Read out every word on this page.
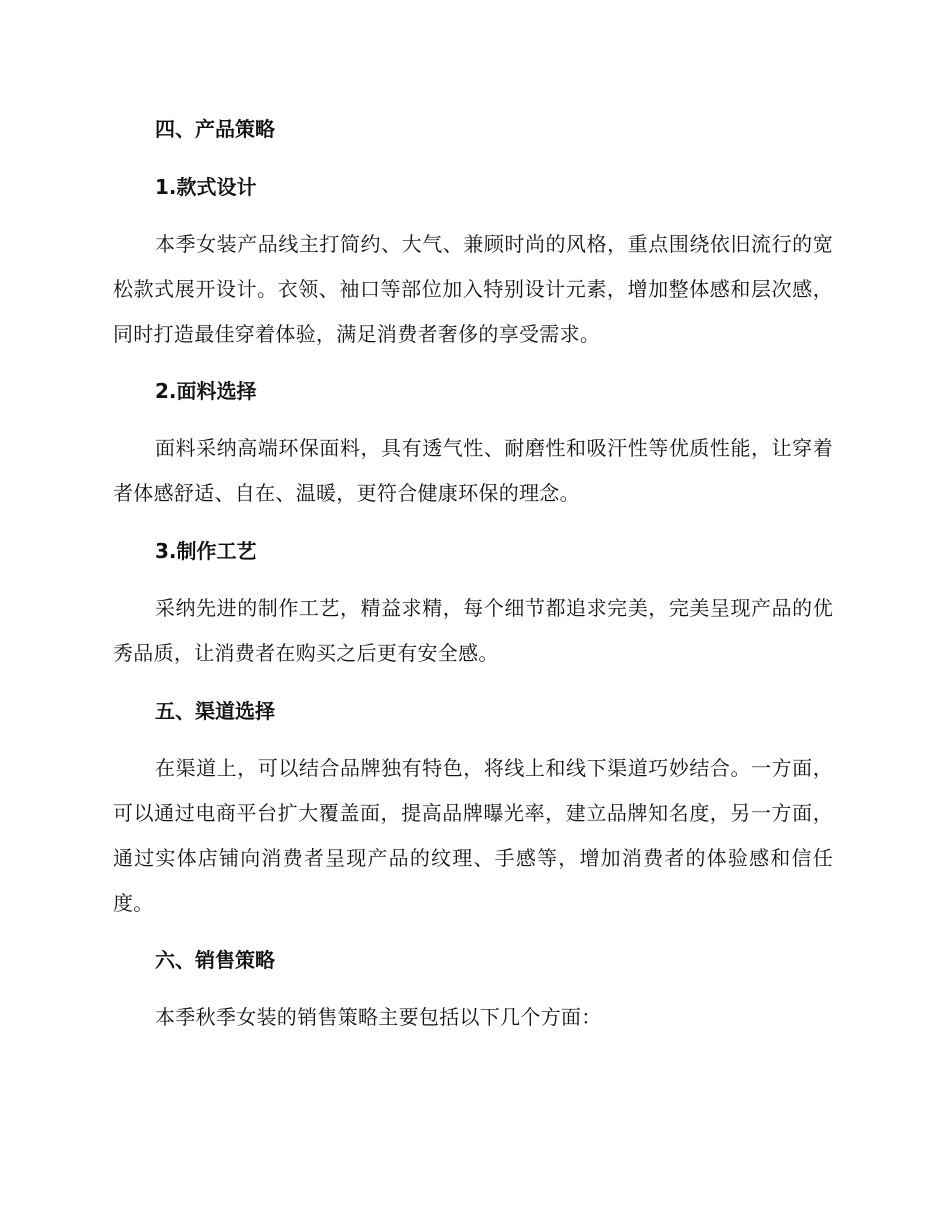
四、产品策略
1.款式设计
本季女装产品线主打简约、大气、兼顾时尚的风格，重点围绕依旧流行的宽松款式展开设计。衣领、袖口等部位加入特别设计元素，增加整体感和层次感，同时打造最佳穿着体验，满足消费者奢侈的享受需求。
2.面料选择
面料采纳高端环保面料，具有透气性、耐磨性和吸汗性等优质性能，让穿着者体感舒适、自在、温暖，更符合健康环保的理念。
3.制作工艺
采纳先进的制作工艺，精益求精，每个细节都追求完美，完美呈现产品的优秀品质，让消费者在购买之后更有安全感。
五、渠道选择
在渠道上，可以结合品牌独有特色，将线上和线下渠道巧妙结合。一方面，可以通过电商平台扩大覆盖面，提高品牌曝光率，建立品牌知名度，另一方面，通过实体店铺向消费者呈现产品的纹理、手感等，增加消费者的体验感和信任度。
六、销售策略
本季秋季女装的销售策略主要包括以下几个方面：
